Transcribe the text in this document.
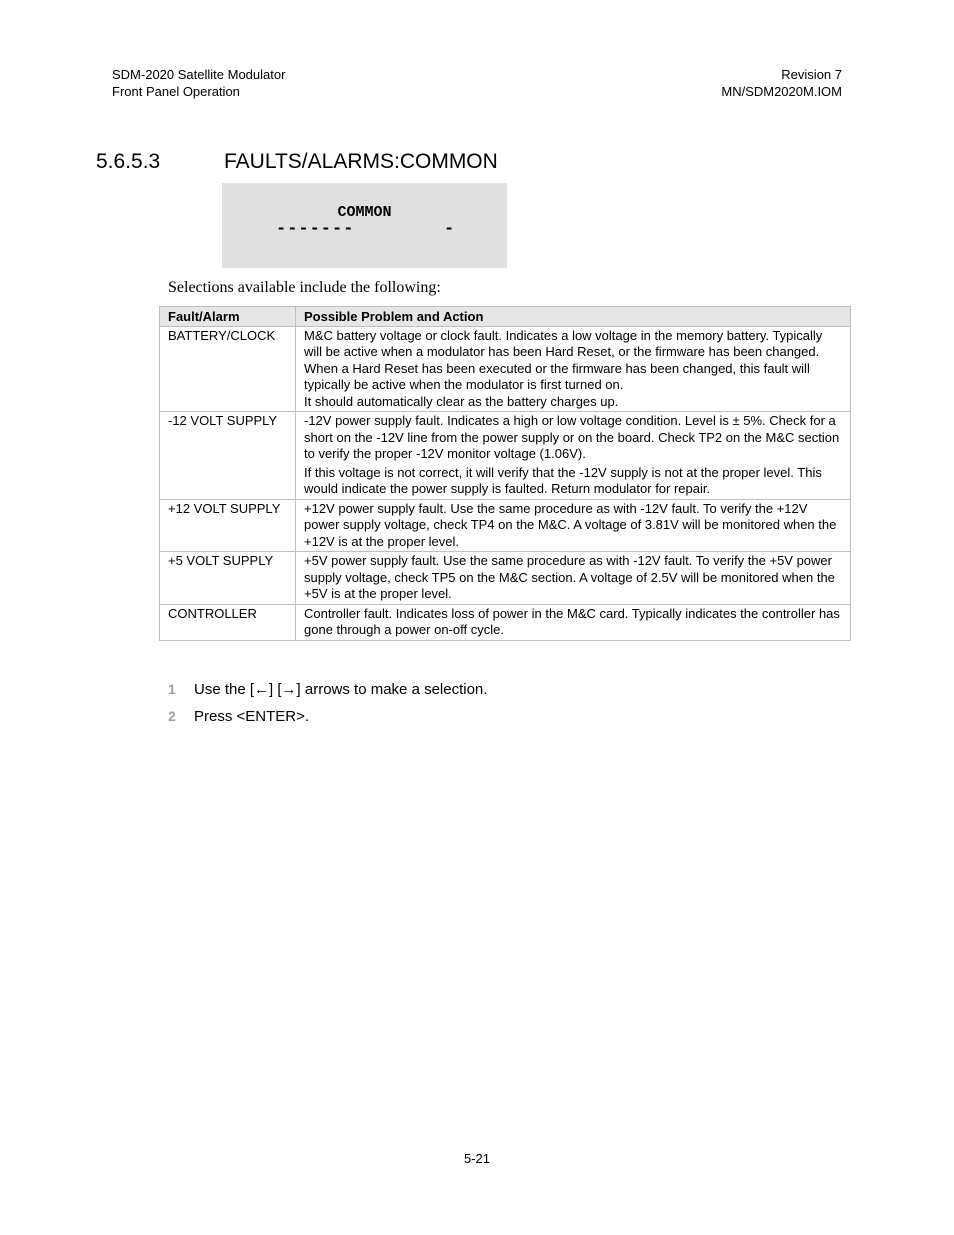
SDM-2020 Satellite Modulator
Front Panel Operation
Revision 7
MN/SDM2020M.IOM
5.6.5.3	FAULTS/ALARMS:COMMON
COMMON
-------	-
Selections available include the following:
Fault/Alarm	Possible Problem and Action
BATTERY/CLOCK	M&C battery voltage or clock fault. Indicates a low voltage in the memory battery. Typically will be active when a modulator has been Hard Reset, or the firmware has been changed.

When a Hard Reset has been executed or the firmware has been changed, this fault will typically be active when the modulator is first turned on.

It should automatically clear as the battery charges up.

-12 VOLT SUPPLY	-12V power supply fault. Indicates a high or low voltage condition. Level is ± 5%. Check for a short on the -12V line from the power supply or on the board. Check TP2 on the M&C section to verify the proper -12V monitor voltage (1.06V).

If this voltage is not correct, it will verify that the -12V supply is not at the proper level. This would indicate the power supply is faulted. Return modulator for repair.

+12 VOLT SUPPLY	+12V power supply fault. Use the same procedure as with -12V fault. To verify the +12V power supply voltage, check TP4 on the M&C. A voltage of 3.81V will be monitored when the +12V is at the proper level.

+5 VOLT SUPPLY	+5V power supply fault. Use the same procedure as with -12V fault. To verify the +5V power supply voltage, check TP5 on the M&C section. A voltage of 2.5V will be monitored when the +5V is at the proper level.

CONTROLLER	Controller fault. Indicates loss of power in the M&C card. Typically indicates the controller has gone through a power on-off cycle.

1	Use the [←] [→] arrows to make a selection.
2	Press <ENTER>.
5-21
